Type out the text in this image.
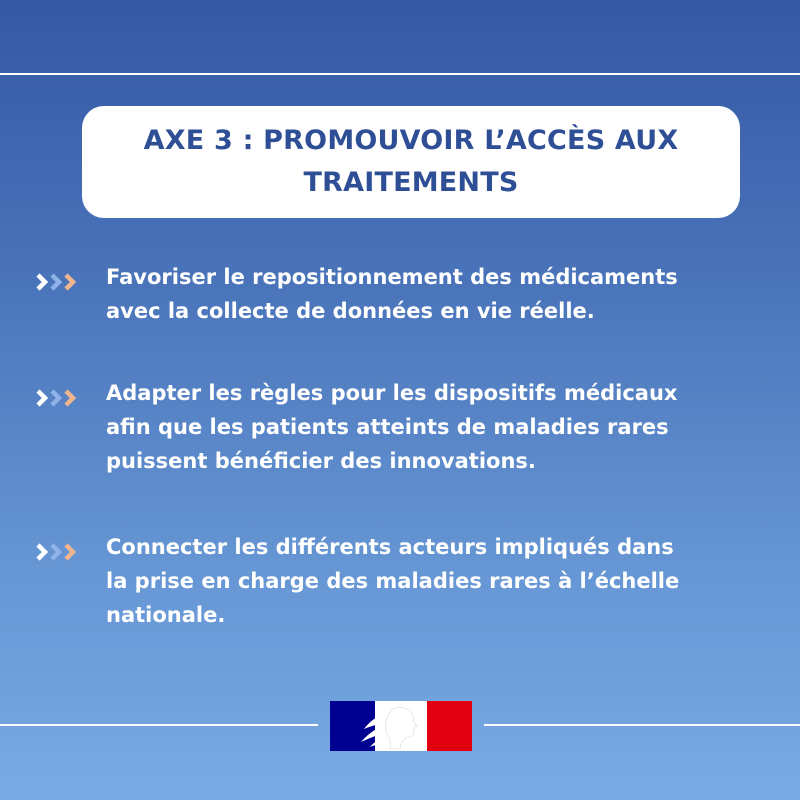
AXE 3 : PROMOUVOIR L’ACCÈS AUX
TRAITEMENTS
Favoriser le repositionnement des médicaments
avec la collecte de données en vie réelle.
Adapter les règles pour les dispositifs médicaux
afin que les patients atteints de maladies rares
puissent bénéficier des innovations.
Connecter les différents acteurs impliqués dans
la prise en charge des maladies rares à l’échelle
nationale.
